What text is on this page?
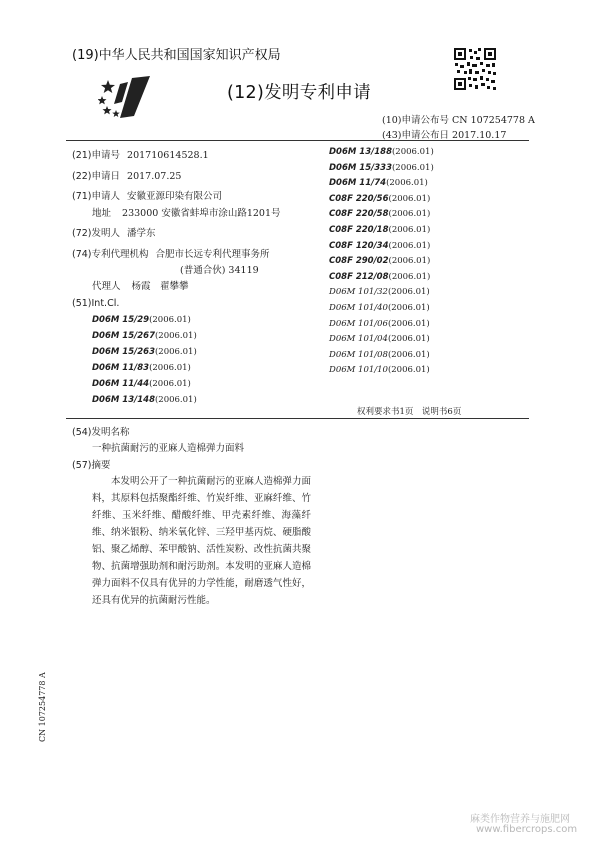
(19)中华人民共和国国家知识产权局
(12)发明专利申请
(10)申请公布号 CN 107254778 A
(43)申请公布日 2017.10.17
(21)申请号 201710614528.1
(22)申请日 2017.07.25
(71)申请人 安徽亚源印染有限公司
地址 233000 安徽省蚌埠市涂山路1201号
(72)发明人 潘学东
(74)专利代理机构 合肥市长远专利代理事务所
(普通合伙) 34119
代理人 杨霞　翟攀攀
(51)Int.Cl.
D06M 15/29(2006.01)
D06M 15/267(2006.01)
D06M 15/263(2006.01)
D06M 11/83(2006.01)
D06M 11/44(2006.01)
D06M 13/148(2006.01)
D06M 13/188(2006.01)
D06M 15/333(2006.01)
D06M 11/74(2006.01)
C08F 220/56(2006.01)
C08F 220/58(2006.01)
C08F 220/18(2006.01)
C08F 120/34(2006.01)
C08F 290/02(2006.01)
C08F 212/08(2006.01)
D06M 101/32(2006.01)
D06M 101/40(2006.01)
D06M 101/06(2006.01)
D06M 101/04(2006.01)
D06M 101/08(2006.01)
D06M 101/10(2006.01)
权利要求书1页　说明书6页
(54)发明名称
一种抗菌耐污的亚麻人造棉弹力面料
(57)摘要
本发明公开了一种抗菌耐污的亚麻人造棉弹力面料，其原料包括聚酯纤维、竹炭纤维、亚麻纤维、竹纤维、玉米纤维、醋酸纤维、甲壳素纤维、海藻纤维、纳米银粉、纳米氧化锌、三羟甲基丙烷、硬脂酸铝、聚乙烯醇、苯甲酸钠、活性炭粉、改性抗菌共聚物、抗菌增强助剂和耐污助剂。本发明的亚麻人造棉弹力面料不仅具有优异的力学性能，耐磨透气性好，还具有优异的抗菌耐污性能。
CN 107254778 A
麻类作物营养与施肥网
www.fibercrops.com
